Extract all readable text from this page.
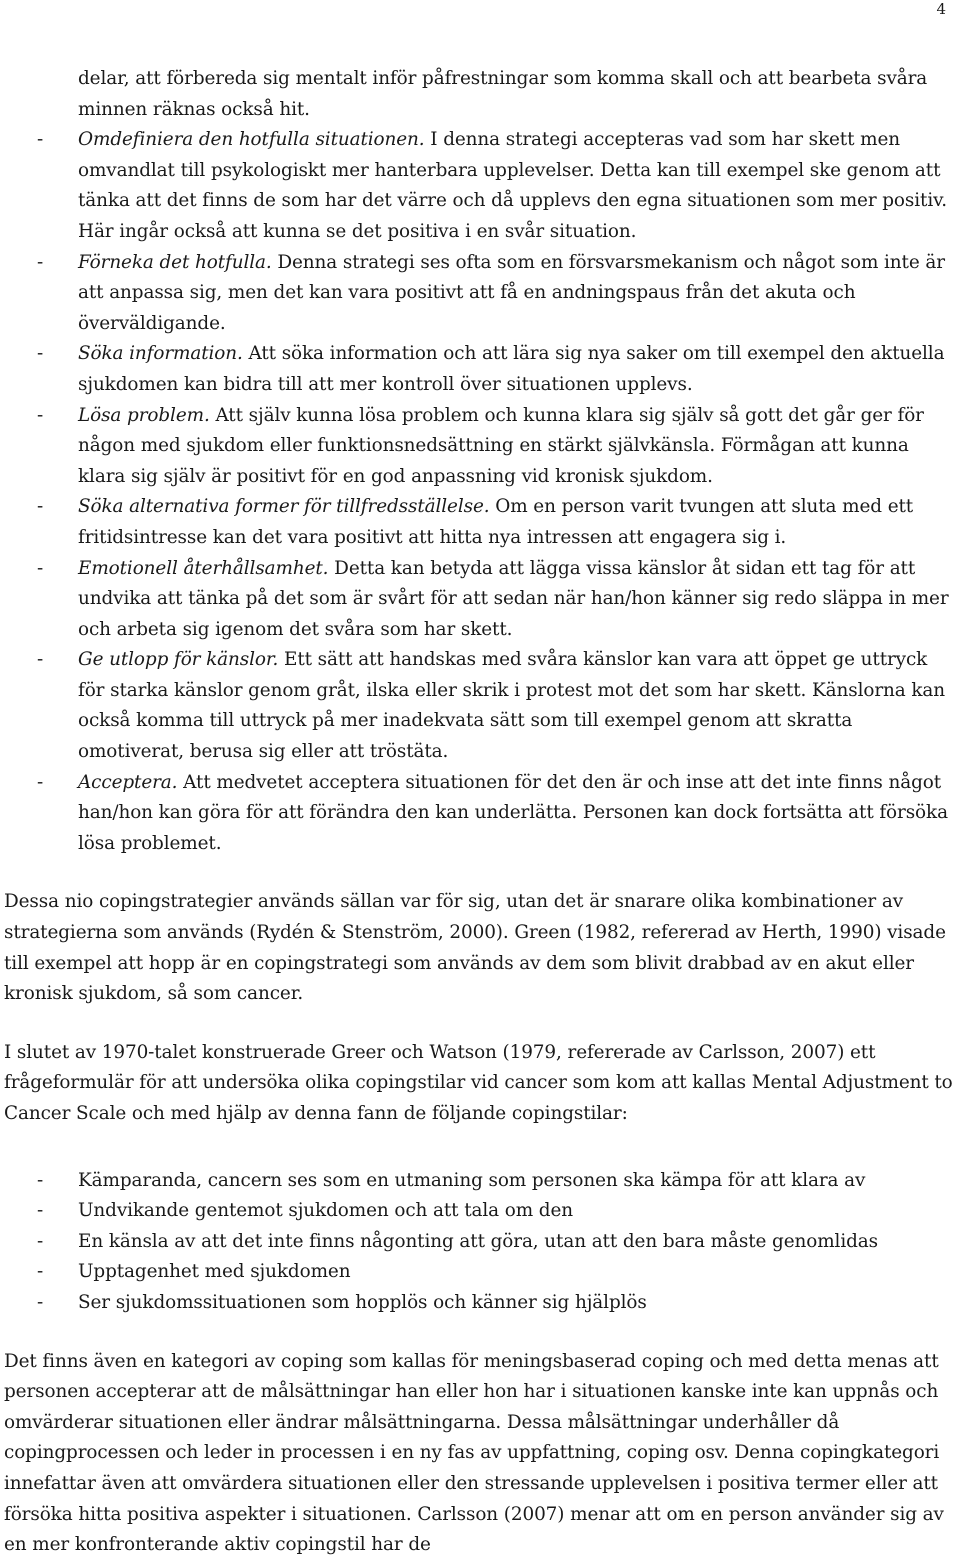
4

delar, att förbereda sig mentalt inför påfrestningar som komma skall och att bearbeta svåra minnen räknas också hit.

- Omdefiniera den hotfulla situationen. I denna strategi accepteras vad som har skett men omvandlat till psykologiskt mer hanterbara upplevelser. Detta kan till exempel ske genom att tänka att det finns de som har det värre och då upplevs den egna situationen som mer positiv. Här ingår också att kunna se det positiva i en svår situation.
- Förneka det hotfulla. Denna strategi ses ofta som en försvarsmekanism och något som inte är att anpassa sig, men det kan vara positivt att få en andningspaus från det akuta och överväldigande.
- Söka information. Att söka information och att lära sig nya saker om till exempel den aktuella sjukdomen kan bidra till att mer kontroll över situationen upplevs.
- Lösa problem. Att själv kunna lösa problem och kunna klara sig själv så gott det går ger för någon med sjukdom eller funktionsnedsättning en stärkt självkänsla. Förmågan att kunna klara sig själv är positivt för en god anpassning vid kronisk sjukdom.
- Söka alternativa former för tillfredsställelse. Om en person varit tvungen att sluta med ett fritidsintresse kan det vara positivt att hitta nya intressen att engagera sig i.
- Emotionell återhållsamhet. Detta kan betyda att lägga vissa känslor åt sidan ett tag för att undvika att tänka på det som är svårt för att sedan när han/hon känner sig redo släppa in mer och arbeta sig igenom det svåra som har skett.
- Ge utlopp för känslor. Ett sätt att handskas med svåra känslor kan vara att öppet ge uttryck för starka känslor genom gråt, ilska eller skrik i protest mot det som har skett. Känslorna kan också komma till uttryck på mer inadekvata sätt som till exempel genom att skratta omotiverat, berusa sig eller att tröstäta.
- Acceptera. Att medvetet acceptera situationen för det den är och inse att det inte finns något han/hon kan göra för att förändra den kan underlätta. Personen kan dock fortsätta att försöka lösa problemet.

Dessa nio copingstrategier används sällan var för sig, utan det är snarare olika kombinationer av strategierna som används (Rydén & Stenström, 2000). Green (1982, refererad av Herth, 1990) visade till exempel att hopp är en copingstrategi som används av dem som blivit drabbad av en akut eller kronisk sjukdom, så som cancer.

I slutet av 1970-talet konstruerade Greer och Watson (1979, refererade av Carlsson, 2007) ett frågeformulär för att undersöka olika copingstilar vid cancer som kom att kallas Mental Adjustment to Cancer Scale och med hjälp av denna fann de följande copingstilar:

- Kämparanda, cancern ses som en utmaning som personen ska kämpa för att klara av
- Undvikande gentemot sjukdomen och att tala om den
- En känsla av att det inte finns någonting att göra, utan att den bara måste genomlidas
- Upptagenhet med sjukdomen
- Ser sjukdomssituationen som hopplös och känner sig hjälplös

Det finns även en kategori av coping som kallas för meningsbaserad coping och med detta menas att personen accepterar att de målsättningar han eller hon har i situationen kanske inte kan uppnås och omvärderar situationen eller ändrar målsättningarna. Dessa målsättningar underhåller då copingprocessen och leder in processen i en ny fas av uppfattning, coping osv. Denna copingkategori innefattar även att omvärdera situationen eller den stressande upplevelsen i positiva termer eller att försöka hitta positiva aspekter i situationen. Carlsson (2007) menar att om en person använder sig av en mer konfronterande aktiv copingstil har de
